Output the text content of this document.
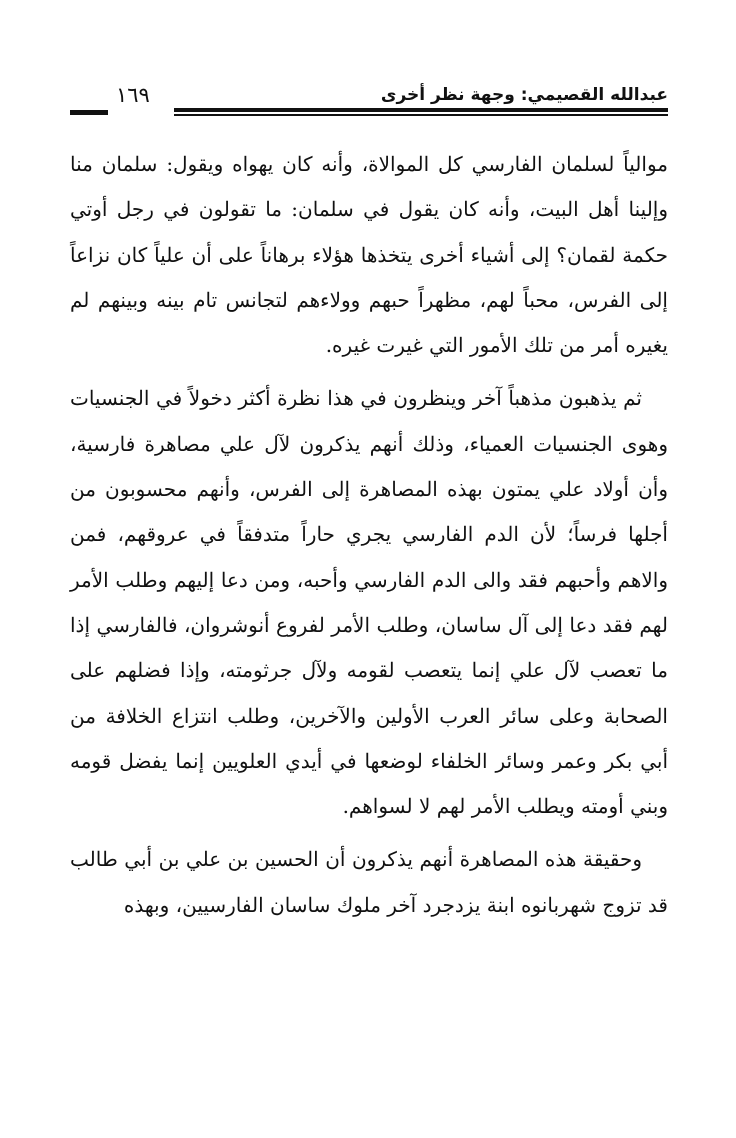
عبدالله القصيمي: وجهة نظر أخرى
١٦٩

موالياً لسلمان الفارسي كل الموالاة، وأنه كان يهواه ويقول: سلمان منا وإلينا أهل البيت، وأنه كان يقول في سلمان: ما تقولون في رجل أوتي حكمة لقمان؟ إلى أشياء أخرى يتخذها هؤلاء برهاناً على أن علياً كان نزاعاً إلى الفرس، محباً لهم، مظهراً حبهم وولاءهم لتجانس تام بينه وبينهم لم يغيره أمر من تلك الأمور التي غيرت غيره.

ثم يذهبون مذهباً آخر وينظرون في هذا نظرة أكثر دخولاً في الجنسيات وهوى الجنسيات العمياء، وذلك أنهم يذكرون لآل علي مصاهرة فارسية، وأن أولاد علي يمتون بهذه المصاهرة إلى الفرس، وأنهم محسوبون من أجلها فرساً؛ لأن الدم الفارسي يجري حاراً متدفقاً في عروقهم، فمن والاهم وأحبهم فقد والى الدم الفارسي وأحبه، ومن دعا إليهم وطلب الأمر لهم فقد دعا إلى آل ساسان، وطلب الأمر لفروع أنوشروان، فالفارسي إذا ما تعصب لآل علي إنما يتعصب لقومه ولآل جرثومته، وإذا فضلهم على الصحابة وعلى سائر العرب الأولين والآخرين، وطلب انتزاع الخلافة من أبي بكر وعمر وسائر الخلفاء لوضعها في أيدي العلويين إنما يفضل قومه وبني أومته ويطلب الأمر لهم لا لسواهم.

وحقيقة هذه المصاهرة أنهم يذكرون أن الحسين بن علي بن أبي طالب قد تزوج شهربانوه ابنة يزدجرد آخر ملوك ساسان الفارسيين، وبهذه
